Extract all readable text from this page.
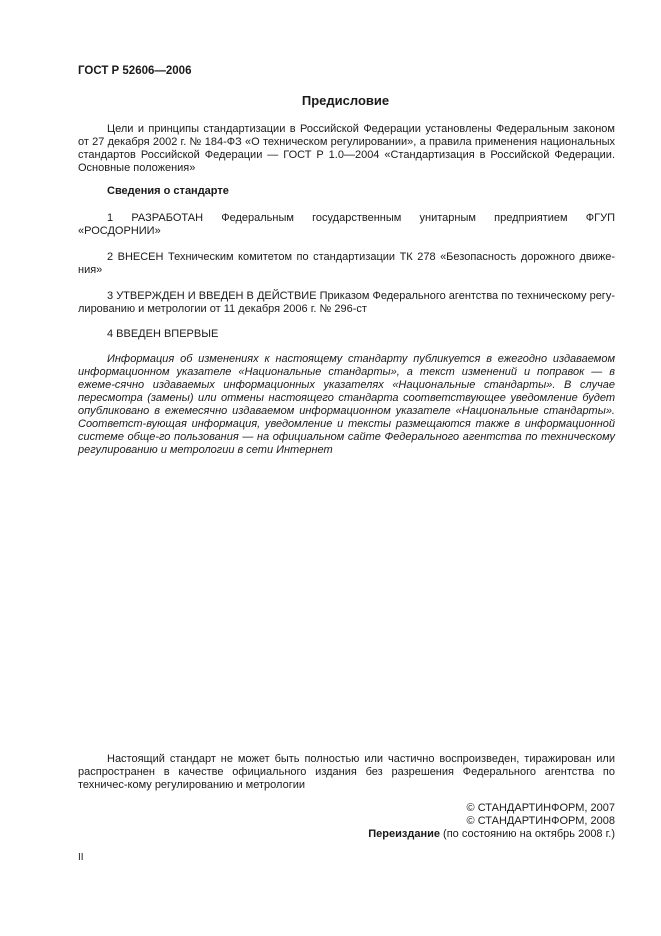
ГОСТ Р 52606—2006
Предисловие

Цели и принципы стандартизации в Российской Федерации установлены Федеральным законом от 27 декабря 2002 г. № 184-ФЗ «О техническом регулировании», а правила применения национальных стандартов Российской Федерации — ГОСТ Р 1.0—2004 «Стандартизация в Российской Федерации. Основные положения»

Сведения о стандарте

1 РАЗРАБОТАН Федеральным государственным унитарным предприятием ФГУП

«РОСДОРНИИ»

2 ВНЕСЕН Техническим комитетом по стандартизации ТК 278 «Безопасность дорожного движе-ния»

3 УТВЕРЖДЕН И ВВЕДЕН В ДЕЙСТВИЕ Приказом Федерального агентства по техническому регу-лированию и метрологии от 11 декабря 2006 г. № 296-ст

4 ВВЕДЕН ВПЕРВЫЕ

Информация об изменениях к настоящему стандарту публикуется в ежегодно издаваемом информационном указателе «Национальные стандарты», а текст изменений и поправок — в ежеме-сячно издаваемых информационных указателях «Национальные стандарты». В случае пересмотра (замены) или отмены настоящего стандарта соответствующее уведомление будет опубликовано в ежемесячно издаваемом информационном указателе «Национальные стандарты». Соответст-вующая информация, уведомление и тексты размещаются также в информационной системе обще-го пользования — на официальном сайте Федерального агентства по техническому регулированию и метрологии в сети Интернет

Настоящий стандарт не может быть полностью или частично воспроизведен, тиражирован или распространен в качестве официального издания без разрешения Федерального агентства по техничес-кому регулированию и метрологии

© СТАНДАРТИНФОРМ, 2007
© СТАНДАРТИНФОРМ, 2008
Переиздание (по состоянию на октябрь 2008 г.)
II
